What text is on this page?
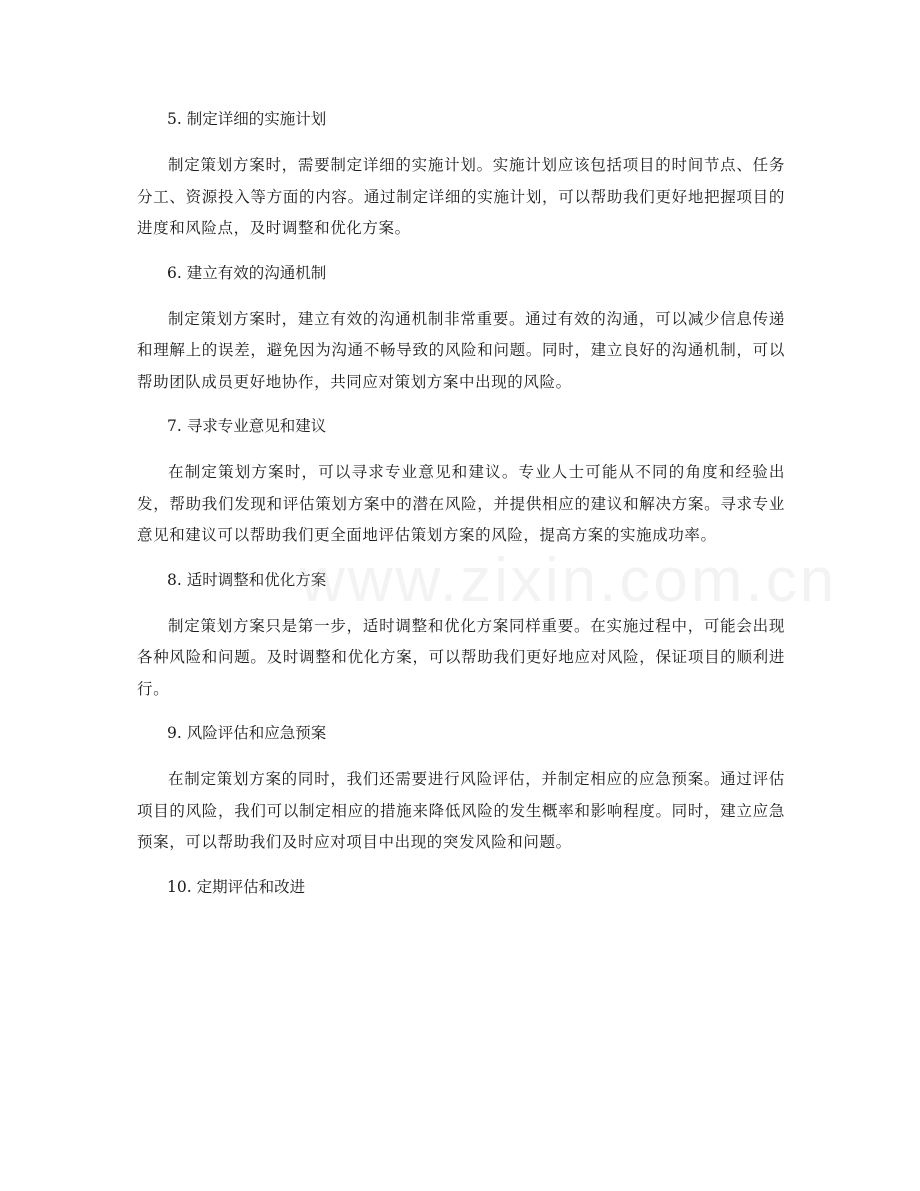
5. 制定详细的实施计划
制定策划方案时，需要制定详细的实施计划。实施计划应该包括项目的时间节点、任务分工、资源投入等方面的内容。通过制定详细的实施计划，可以帮助我们更好地把握项目的进度和风险点，及时调整和优化方案。
6. 建立有效的沟通机制
制定策划方案时，建立有效的沟通机制非常重要。通过有效的沟通，可以减少信息传递和理解上的误差，避免因为沟通不畅导致的风险和问题。同时，建立良好的沟通机制，可以帮助团队成员更好地协作，共同应对策划方案中出现的风险。
7. 寻求专业意见和建议
在制定策划方案时，可以寻求专业意见和建议。专业人士可能从不同的角度和经验出发，帮助我们发现和评估策划方案中的潜在风险，并提供相应的建议和解决方案。寻求专业意见和建议可以帮助我们更全面地评估策划方案的风险，提高方案的实施成功率。
8. 适时调整和优化方案
制定策划方案只是第一步，适时调整和优化方案同样重要。在实施过程中，可能会出现各种风险和问题。及时调整和优化方案，可以帮助我们更好地应对风险，保证项目的顺利进行。
9. 风险评估和应急预案
在制定策划方案的同时，我们还需要进行风险评估，并制定相应的应急预案。通过评估项目的风险，我们可以制定相应的措施来降低风险的发生概率和影响程度。同时，建立应急预案，可以帮助我们及时应对项目中出现的突发风险和问题。
10. 定期评估和改进
www.zixin.com.cn
